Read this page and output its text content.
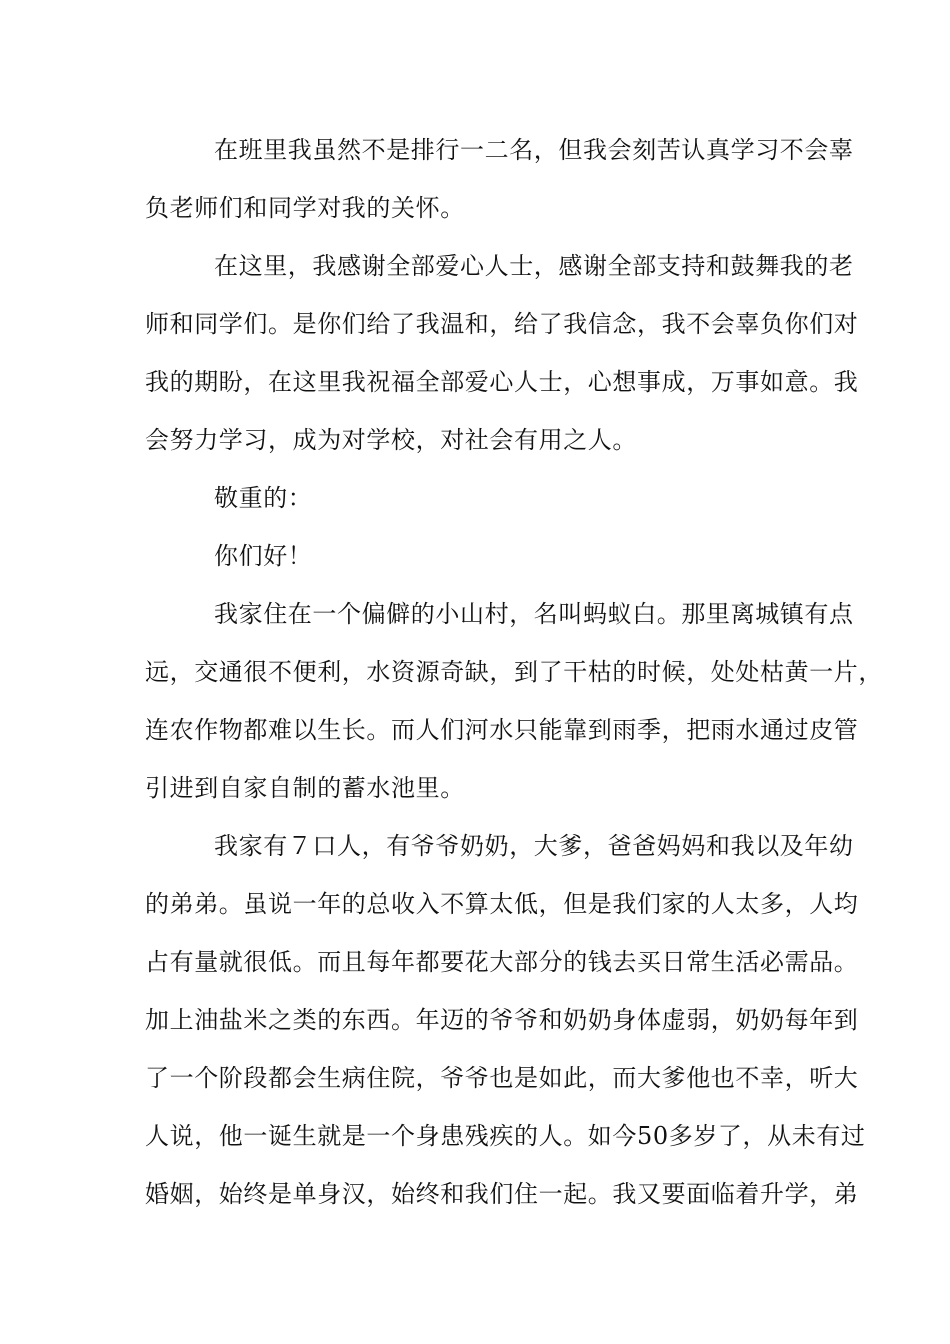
在班里我虽然不是排行一二名，但我会刻苦认真学习不会辜
负老师们和同学对我的关怀。
在这里，我感谢全部爱心人士，感谢全部支持和鼓舞我的老
师和同学们。是你们给了我温和，给了我信念，我不会辜负你们对
我的期盼，在这里我祝福全部爱心人士，心想事成，万事如意。我
会努力学习，成为对学校，对社会有用之人。
敬重的：
你们好！
我家住在一个偏僻的小山村，名叫蚂蚁白。那里离城镇有点
远，交通很不便利，水资源奇缺，到了干枯的时候，处处枯黄一片，
连农作物都难以生长。而人们河水只能靠到雨季，把雨水通过皮管
引进到自家自制的蓄水池里。
我家有７口人，有爷爷奶奶，大爹，爸爸妈妈和我以及年幼
的弟弟。虽说一年的总收入不算太低，但是我们家的人太多，人均
占有量就很低。而且每年都要花大部分的钱去买日常生活必需品。
加上油盐米之类的东西。年迈的爷爷和奶奶身体虚弱，奶奶每年到
了一个阶段都会生病住院，爷爷也是如此，而大爹他也不幸，听大
人说，他一诞生就是一个身患残疾的人。如今50多岁了，从未有过
婚姻，始终是单身汉，始终和我们住一起。我又要面临着升学，弟
